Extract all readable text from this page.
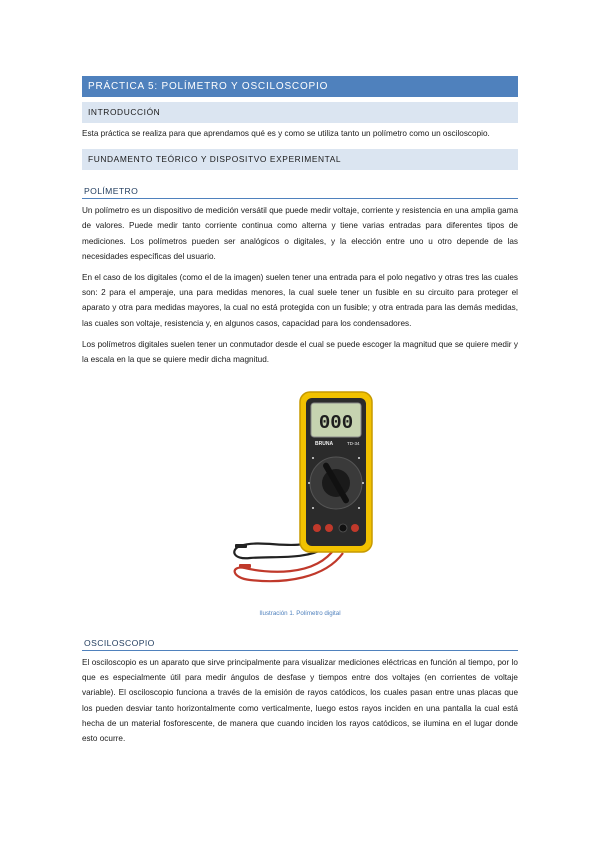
PRÁCTICA 5: POLÍMETRO Y OSCILOSCOPIO
INTRODUCCIÓN

Esta práctica se realiza para que aprendamos qué es y como se utiliza tanto un polímetro como un osciloscopio.

FUNDAMENTO TEÓRICO Y DISPOSITVO EXPERIMENTAL
POLÍMETRO

Un polímetro es un dispositivo de medición versátil que puede medir voltaje, corriente y resistencia en una amplia gama de valores. Puede medir tanto corriente continua como alterna y tiene varias entradas para diferentes tipos de mediciones. Los polímetros pueden ser analógicos o digitales, y la elección entre uno u otro depende de las necesidades específicas del usuario.

En el caso de los digitales (como el de la imagen) suelen tener una entrada para el polo negativo y otras tres las cuales son: 2 para el amperaje, una para medidas menores, la cual suele tener un fusible en su circuito para proteger el aparato y otra para medidas mayores, la cual no está protegida con un fusible; y otra entrada para las demás medidas, las cuales son voltaje, resistencia y, en algunos casos, capacidad para los condensadores.

Los polímetros digitales suelen tener un conmutador desde el cual se puede escoger la magnitud que se quiere medir y la escala en la que se quiere medir dicha magnitud.

000
BRUNA	TD-34
Ilustración 1. Polímetro digital
OSCILOSCOPIO

El osciloscopio es un aparato que sirve principalmente para visualizar mediciones eléctricas en función al tiempo, por lo que es especialmente útil para medir ángulos de desfase y tiempos entre dos voltajes (en corrientes de voltaje variable). El osciloscopio funciona a través de la emisión de rayos catódicos, los cuales pasan entre unas placas que los pueden desviar tanto horizontalmente como verticalmente, luego estos rayos inciden en una pantalla la cual está hecha de un material fosforescente, de manera que cuando inciden los rayos catódicos, se ilumina en el lugar donde esto ocurre.
